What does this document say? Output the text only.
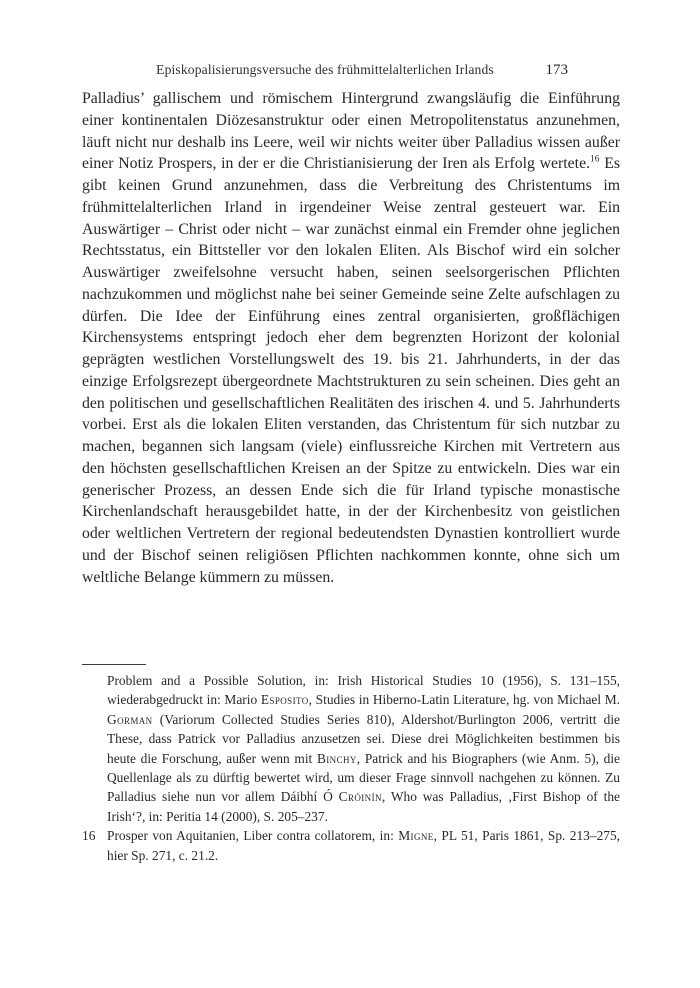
Episkopalisierungsversuche des frühmittelalterlichen Irlands	173

Palladius’ gallischem und römischem Hintergrund zwangsläufig die Einführung einer kontinentalen Diözesanstruktur oder einen Metropolitenstatus anzunehmen, läuft nicht nur deshalb ins Leere, weil wir nichts weiter über Palladius wissen außer einer Notiz Prospers, in der er die Christianisierung der Iren als Erfolg wertete.$^{16}$ Es gibt keinen Grund anzunehmen, dass die Verbreitung des Christentums im frühmittelalterlichen Irland in irgendeiner Weise zentral gesteuert war. Ein Auswärtiger – Christ oder nicht – war zunächst einmal ein Fremder ohne jeglichen Rechtsstatus, ein Bittsteller vor den lokalen Eliten. Als Bischof wird ein solcher Auswärtiger zweifelsohne versucht haben, seinen seelsorgerischen Pflichten nachzukommen und möglichst nahe bei seiner Gemeinde seine Zelte aufschlagen zu dürfen. Die Idee der Einführung eines zentral organisierten, großflächigen Kirchensystems entspringt jedoch eher dem begrenzten Horizont der kolonial geprägten westlichen Vorstellungswelt des 19. bis 21. Jahrhunderts, in der das einzige Erfolgsrezept übergeordnete Machtstrukturen zu sein scheinen. Dies geht an den politischen und gesellschaftlichen Realitäten des irischen 4. und 5. Jahrhunderts vorbei. Erst als die lokalen Eliten verstanden, das Christentum für sich nutzbar zu machen, begannen sich langsam (viele) einflussreiche Kirchen mit Vertretern aus den höchsten gesellschaftlichen Kreisen an der Spitze zu entwickeln. Dies war ein generischer Prozess, an dessen Ende sich die für Irland typische monastische Kirchenlandschaft herausgebildet hatte, in der der Kirchenbesitz von geistlichen oder weltlichen Vertretern der regional bedeutendsten Dynastien kontrolliert wurde und der Bischof seinen religiösen Pflichten nachkommen konnte, ohne sich um weltliche Belange kümmern zu müssen.

Problem and a Possible Solution, in: Irish Historical Studies 10 (1956), S. 131–155, wiederabgedruckt in: Mario Esposito, Studies in Hiberno-Latin Literature, hg. von Michael M. Gorman (Variorum Collected Studies Series 810), Aldershot/Burlington 2006, vertritt die These, dass Patrick vor Palladius anzusetzen sei. Diese drei Möglichkeiten bestimmen bis heute die Forschung, außer wenn mit Binchy, Patrick and his Biographers (wie Anm. 5), die Quellenlage als zu dürftig bewertet wird, um dieser Frage sinnvoll nachgehen zu können. Zu Palladius siehe nun vor allem Dáibhí Ó Cróinín, Who was Palladius, ‚First Bishop of the Irish‘?, in: Peritia 14 (2000), S. 205–237.

16 Prosper von Aquitanien, Liber contra collatorem, in: Migne, PL 51, Paris 1861, Sp. 213–275, hier Sp. 271, c. 21.2.
